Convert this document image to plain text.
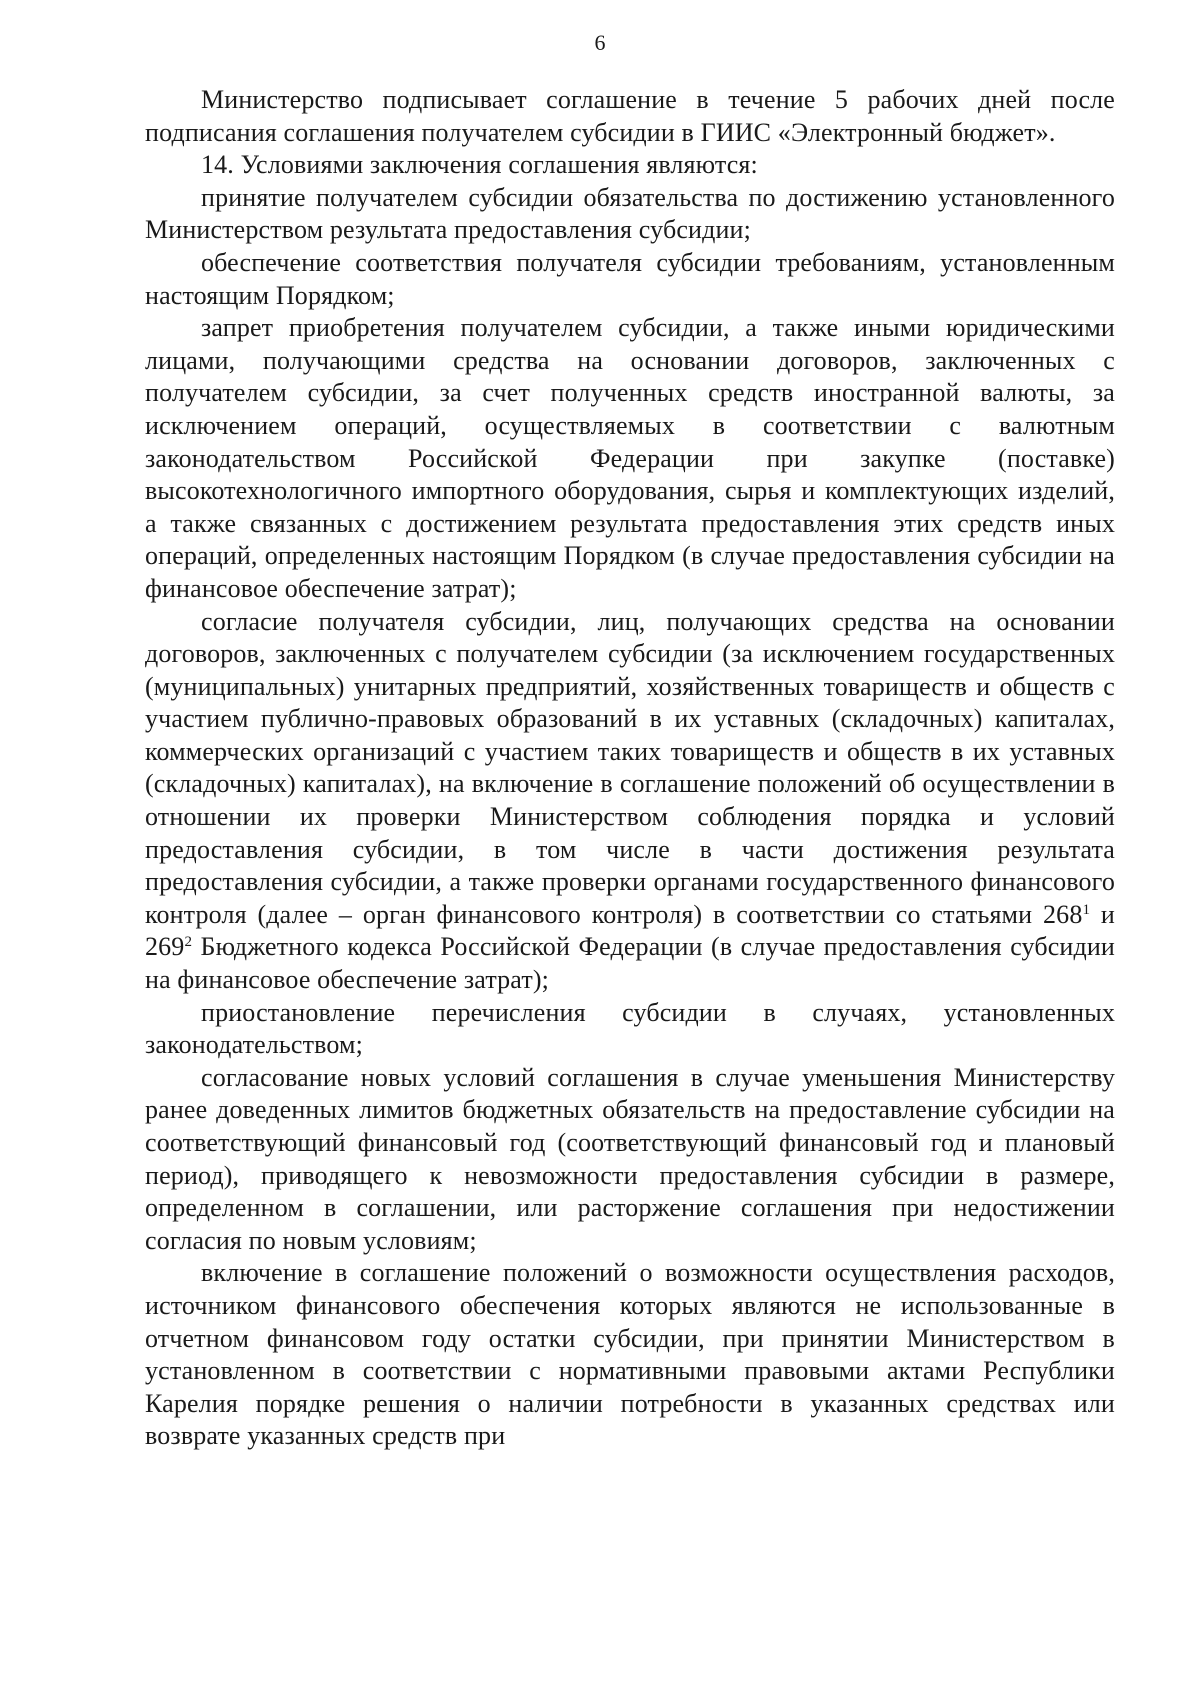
6

Министерство подписывает соглашение в течение 5 рабочих дней после подписания соглашения получателем субсидии в ГИИС «Электронный бюджет».

14. Условиями заключения соглашения являются:

принятие получателем субсидии обязательства по достижению установленного Министерством результата предоставления субсидии;

обеспечение соответствия получателя субсидии требованиям, установленным настоящим Порядком;

запрет приобретения получателем субсидии, а также иными юридическими лицами, получающими средства на основании договоров, заключенных с получателем субсидии, за счет полученных средств иностранной валюты, за исключением операций, осуществляемых в соответствии с валютным законодательством Российской Федерации при закупке (поставке) высокотехнологичного импортного оборудования, сырья и комплектующих изделий, а также связанных с достижением результата предоставления этих средств иных операций, определенных настоящим Порядком (в случае предоставления субсидии на финансовое обеспечение затрат);

согласие получателя субсидии, лиц, получающих средства на основании договоров, заключенных с получателем субсидии (за исключением государственных (муниципальных) унитарных предприятий, хозяйственных товариществ и обществ с участием публично-правовых образований в их уставных (складочных) капиталах, коммерческих организаций с участием таких товариществ и обществ в их уставных (складочных) капиталах), на включение в соглашение положений об осуществлении в отношении их проверки Министерством соблюдения порядка и условий предоставления субсидии, в том числе в части достижения результата предоставления субсидии, а также проверки органами государственного финансового контроля (далее – орган финансового контроля) в соответствии со статьями $268^1$ и $269^2$ Бюджетного кодекса Российской Федерации (в случае предоставления субсидии на финансовое обеспечение затрат);

приостановление перечисления субсидии в случаях, установленных законодательством;

согласование новых условий соглашения в случае уменьшения Министерству ранее доведенных лимитов бюджетных обязательств на предоставление субсидии на соответствующий финансовый год (соответствующий финансовый год и плановый период), приводящего к невозможности предоставления субсидии в размере, определенном в соглашении, или расторжение соглашения при недостижении согласия по новым условиям;

включение в соглашение положений о возможности осуществления расходов, источником финансового обеспечения которых являются не использованные в отчетном финансовом году остатки субсидии, при принятии Министерством в установленном в соответствии с нормативными правовыми актами Республики Карелия порядке решения о наличии потребности в указанных средствах или возврате указанных средств при
